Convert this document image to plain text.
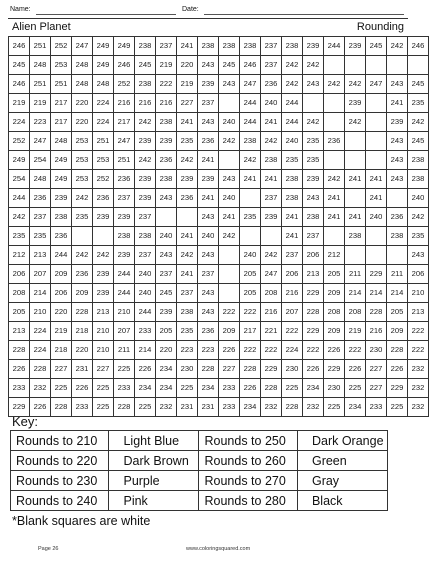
Name:	Date:
Alien Planet	Rounding
246	251	252	247	249	249	238	237	241	238	238	238	237	238	239	244	239	245	242	246
245	248	253	248	249	246	245	219	220	243	245	246	237	242	242					
246	251	251	248	248	252	238	222	219	239	243	247	236	242	243	242	242	247	243	245
219	219	217	220	224	216	216	216	227	237		244	240	244			239		241	235
224	223	217	220	224	217	242	238	241	243	240	244	241	244	242		242		239	242
252	247	248	253	251	247	239	239	235	236	242	238	242	240	235	236			243	245
249	254	249	253	253	251	242	236	242	241		242	238	235	235				243	238
254	248	249	253	252	236	239	238	239	239	243	241	241	238	239	242	241	241	243	238
244	236	239	242	236	237	239	243	236	241	240		237	238	243	241		241		240
242	237	238	235	239	239	237			243	241	235	239	241	238	241	241	240	236	242
235	235	236			238	238	240	241	240	242			241	237		238		238	235
212	213	244	242	242	239	237	243	242	243		240	242	237	206	212				243
206	207	209	236	239	244	240	237	241	237		205	247	206	213	205	211	229	211	206
208	214	206	209	239	244	240	245	237	243		205	208	216	229	209	214	214	214	210
205	210	220	228	213	210	244	239	238	243	222	222	216	207	228	208	208	228	205	213
213	224	219	218	210	207	233	205	235	236	209	217	221	222	229	209	219	216	209	222
228	224	218	220	210	211	214	220	223	223	226	222	222	224	222	226	222	230	228	222
226	228	227	231	227	225	226	234	230	228	227	228	229	230	226	229	226	227	226	232
233	232	225	226	225	233	234	234	225	234	233	226	228	225	234	230	225	227	229	232
229	226	228	233	225	228	225	232	231	231	233	234	232	228	232	225	234	233	225	232
Key:
Rounds to 210	Light Blue	Rounds to 250	Dark Orange
Rounds to 220	Dark Brown	Rounds to 260	Green
Rounds to 230	Purple	Rounds to 270	Gray
Rounds to 240	Pink	Rounds to 280	Black
*Blank squares are white
Page 26	www.coloringsquared.com
